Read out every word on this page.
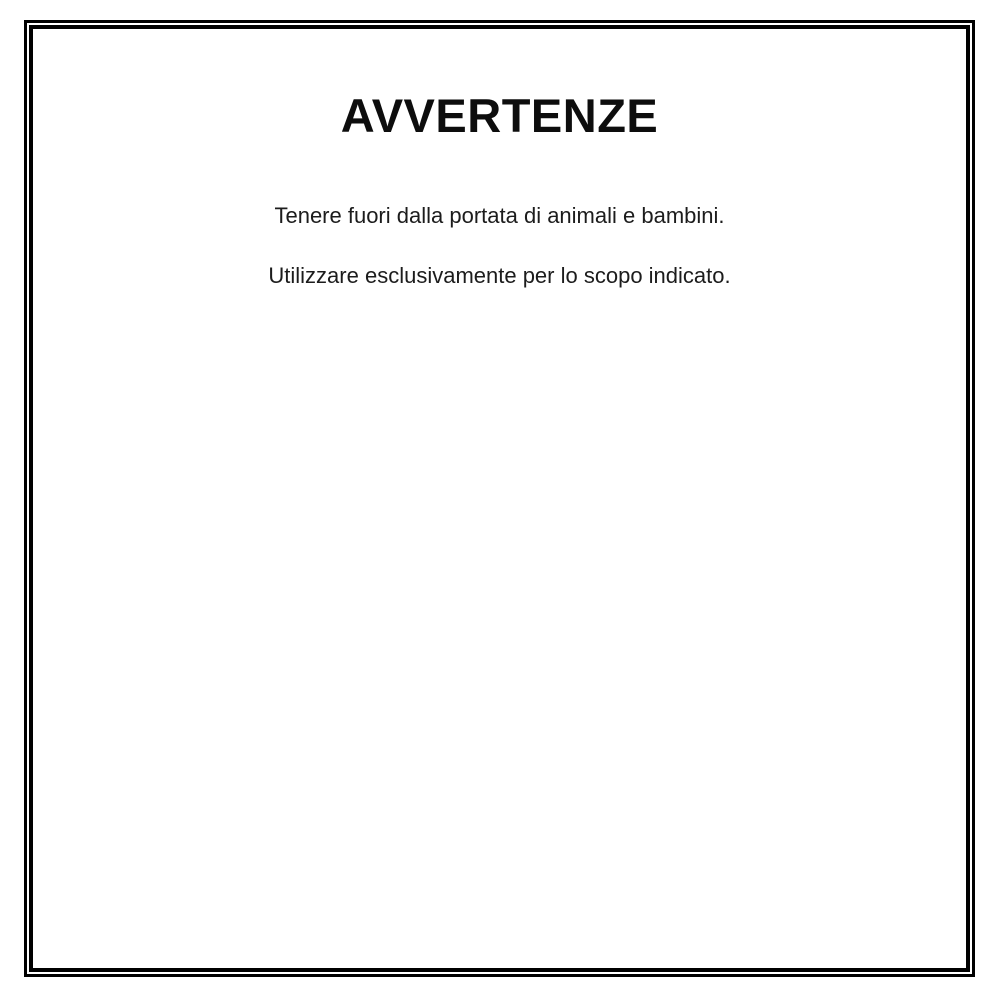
AVVERTENZE

Tenere fuori dalla portata di animali e bambini.

Utilizzare esclusivamente per lo scopo indicato.
